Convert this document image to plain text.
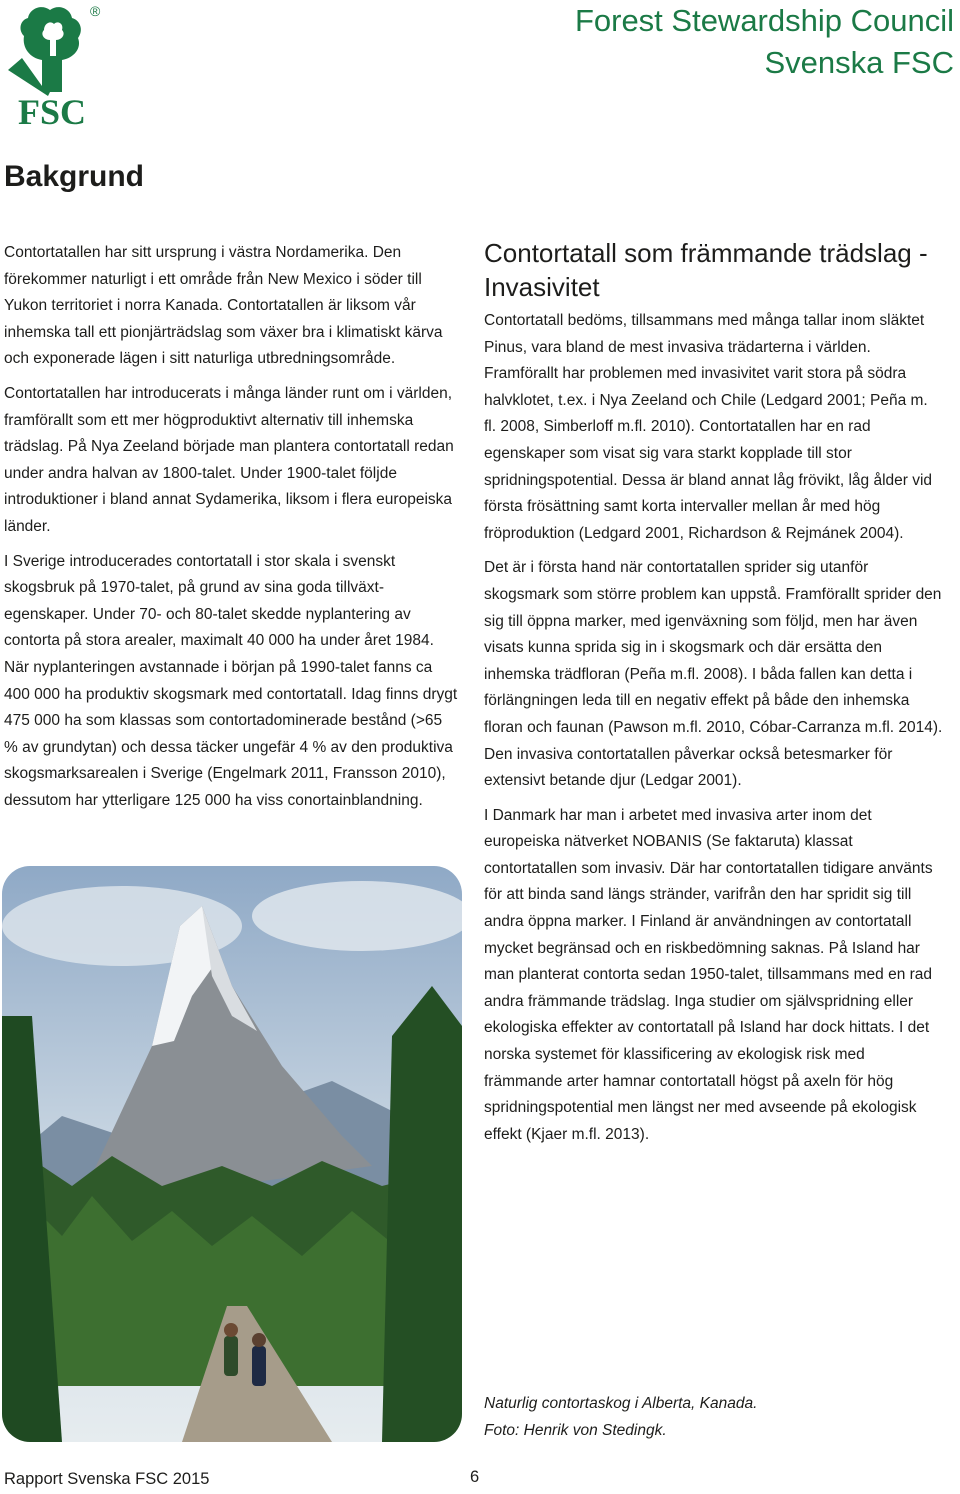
FSC
®	Forest Stewardship Council
Svenska FSC
Bakgrund

Contortatallen har sitt ursprung i västra Nordamerika. Den förekommer naturligt i ett område från New Mexico i söder till Yukon territoriet i norra Kanada. Contortatallen är liksom vår inhemska tall ett pionjärträdslag som växer bra i klimatiskt kärva och exponerade lägen i sitt naturliga utbredningsområde.

Contortatallen har introducerats i många länder runt om i världen, framförallt som ett mer högproduktivt alternativ till inhemska trädslag. På Nya Zeeland började man plantera contortatall redan under andra halvan av 1800-talet. Under 1900-talet följde introduktioner i bland annat Sydamerika, liksom i flera europeiska länder.

I Sverige introducerades contortatall i stor skala i svenskt skogsbruk på 1970-talet, på grund av sina goda tillväxt-egenskaper. Under 70- och 80-talet skedde nyplantering av contorta på stora arealer, maximalt 40 000 ha under året 1984. När nyplanteringen avstannade i början på 1990-talet fanns ca 400 000 ha produktiv skogsmark med contortatall. Idag finns drygt 475 000 ha som klassas som contortadominerade bestånd (>65 % av grundytan) och dessa täcker ungefär 4 % av den produktiva skogsmarksarealen i Sverige (Engelmark 2011, Fransson 2010), dessutom har ytterligare 125 000 ha viss conortainblandning.

Contortatall som främmande trädslag - Invasivitet

Contortatall bedöms, tillsammans med många tallar inom släktet Pinus, vara bland de mest invasiva trädarterna i världen. Framförallt har problemen med invasivitet varit stora på södra halvklotet, t.ex. i Nya Zeeland och Chile (Ledgard 2001; Peña m. fl. 2008, Simberloff m.fl. 2010). Contortatallen har en rad egenskaper som visat sig vara starkt kopplade till stor spridningspotential. Dessa är bland annat låg frövikt, låg ålder vid första frösättning samt korta intervaller mellan år med hög fröproduktion (Ledgard 2001, Richardson & Rejmánek 2004).

Det är i första hand när contortatallen sprider sig utanför skogsmark som större problem kan uppstå. Framförallt sprider den sig till öppna marker, med igenväxning som följd, men har även visats kunna sprida sig in i skogsmark och där ersätta den inhemska trädfloran (Peña m.fl. 2008). I båda fallen kan detta i förlängningen leda till en negativ effekt på både den inhemska floran och faunan (Pawson m.fl. 2010, Cóbar-Carranza m.fl. 2014). Den invasiva contortatallen påverkar också betesmarker för extensivt betande djur (Ledgar 2001).

I Danmark har man i arbetet med invasiva arter inom det europeiska nätverket NOBANIS (Se faktaruta) klassat contortatallen som invasiv. Där har contortatallen tidigare använts för att binda sand längs stränder, varifrån den har spridit sig till andra öppna marker. I Finland är användningen av contortatall mycket begränsad och en riskbedömning saknas. På Island har man planterat contorta sedan 1950-talet, tillsammans med en rad andra främmande trädslag. Inga studier om självspridning eller ekologiska effekter av contortatall på Island har dock hittats. I det norska systemet för klassificering av ekologisk risk med främmande arter hamnar contortatall högst på axeln för hög spridningspotential men längst ner med avseende på ekologisk effekt (Kjaer m.fl. 2013).

Naturlig contortaskog i Alberta, Kanada.
Foto: Henrik von Stedingk.
Rapport Svenska FSC 2015	6
